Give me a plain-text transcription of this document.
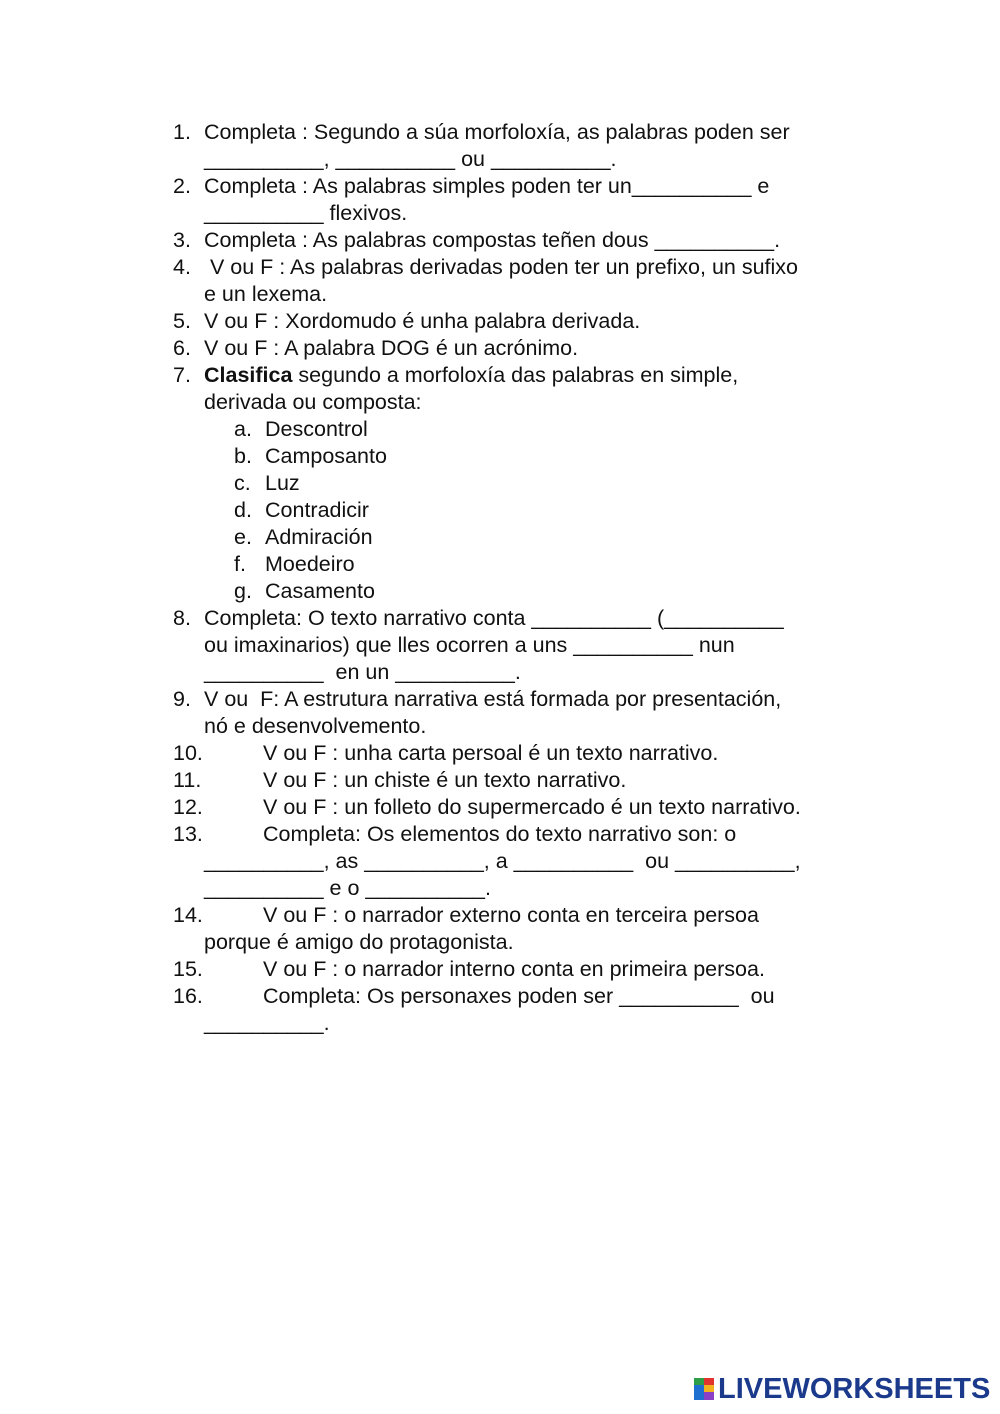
1. Completa : Segundo a súa morfoloxía, as palabras poden ser
__________, __________ ou __________.
2. Completa : As palabras simples poden ter un__________ e
__________ flexivos.
3. Completa : As palabras compostas teñen dous __________.
4. V ou F : As palabras derivadas poden ter un prefixo, un sufixo
e un lexema.
5. V ou F : Xordomudo é unha palabra derivada.
6. V ou F : A palabra DOG é un acrónimo.
7. Clasifica segundo a morfoloxía das palabras en simple,
derivada ou composta:
a. Descontrol
b. Camposanto
c. Luz
d. Contradicir
e. Admiración
f. Moedeiro
g. Casamento
8. Completa: O texto narrativo conta __________ (__________
ou imaxinarios) que lles ocorren a uns __________ nun
__________  en un __________.
9. V ou  F: A estrutura narrativa está formada por presentación,
nó e desenvolvemento.
10.	V ou F : unha carta persoal é un texto narrativo.
11.	V ou F : un chiste é un texto narrativo.
12.	V ou F : un folleto do supermercado é un texto narrativo.
13.	Completa: Os elementos do texto narrativo son: o
__________, as __________, a __________  ou __________,
__________ e o __________.
14.	V ou F : o narrador externo conta en terceira persoa
porque é amigo do protagonista.
15.	V ou F : o narrador interno conta en primeira persoa.
16.	Completa: Os personaxes poden ser __________  ou
__________.
LIVEWORKSHEETS
